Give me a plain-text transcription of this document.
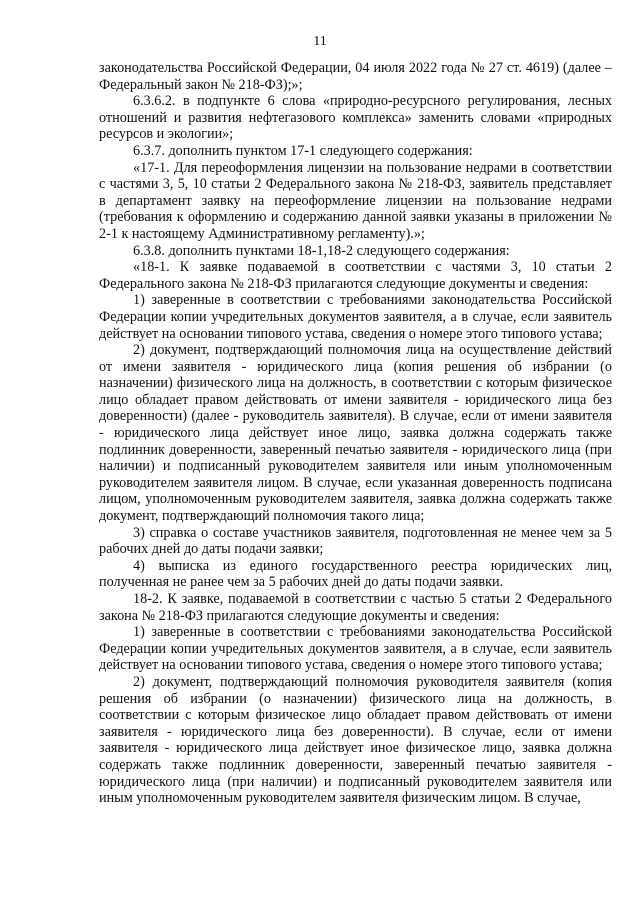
11

законодательства Российской Федерации, 04 июля 2022 года № 27 ст. 4619) (далее – Федеральный закон № 218-ФЗ);»;

6.3.6.2. в подпункте 6 слова «природно-ресурсного регулирования, лесных отношений и развития нефтегазового комплекса» заменить словами «природных ресурсов и экологии»;

6.3.7. дополнить пунктом 17-1 следующего содержания:

«17-1. Для переоформления лицензии на пользование недрами в соответствии с частями 3, 5, 10 статьи 2 Федерального закона № 218-ФЗ, заявитель представляет в департамент заявку на переоформление лицензии на пользование недрами (требования к оформлению и содержанию данной заявки указаны в приложении № 2-1 к настоящему Административному регламенту).»;

6.3.8. дополнить пунктами 18-1,18-2 следующего содержания:

«18-1. К заявке подаваемой в соответствии с частями 3, 10 статьи 2 Федерального закона № 218-ФЗ прилагаются следующие документы и сведения:

1) заверенные в соответствии с требованиями законодательства Российской Федерации копии учредительных документов заявителя, а в случае, если заявитель действует на основании типового устава, сведения о номере этого типового устава;

2) документ, подтверждающий полномочия лица на осуществление действий от имени заявителя - юридического лица (копия решения об избрании (о назначении) физического лица на должность, в соответствии с которым физическое лицо обладает правом действовать от имени заявителя - юридического лица без доверенности) (далее - руководитель заявителя). В случае, если от имени заявителя - юридического лица действует иное лицо, заявка должна содержать также подлинник доверенности, заверенный печатью заявителя - юридического лица (при наличии) и подписанный руководителем заявителя или иным уполномоченным руководителем заявителя лицом. В случае, если указанная доверенность подписана лицом, уполномоченным руководителем заявителя, заявка должна содержать также документ, подтверждающий полномочия такого лица;

3) справка о составе участников заявителя, подготовленная не менее чем за 5 рабочих дней до даты подачи заявки;

4) выписка из единого государственного реестра юридических лиц, полученная не ранее чем за 5 рабочих дней до даты подачи заявки.

18-2. К заявке, подаваемой в соответствии с частью 5 статьи 2 Федерального закона № 218-ФЗ прилагаются следующие документы и сведения:

1) заверенные в соответствии с требованиями законодательства Российской Федерации копии учредительных документов заявителя, а в случае, если заявитель действует на основании типового устава, сведения о номере этого типового устава;

2) документ, подтверждающий полномочия руководителя заявителя (копия решения об избрании (о назначении) физического лица на должность, в соответствии с которым физическое лицо обладает правом действовать от имени заявителя - юридического лица без доверенности). В случае, если от имени заявителя - юридического лица действует иное физическое лицо, заявка должна содержать также подлинник доверенности, заверенный печатью заявителя - юридического лица (при наличии) и подписанный руководителем заявителя или иным уполномоченным руководителем заявителя физическим лицом. В случае,
